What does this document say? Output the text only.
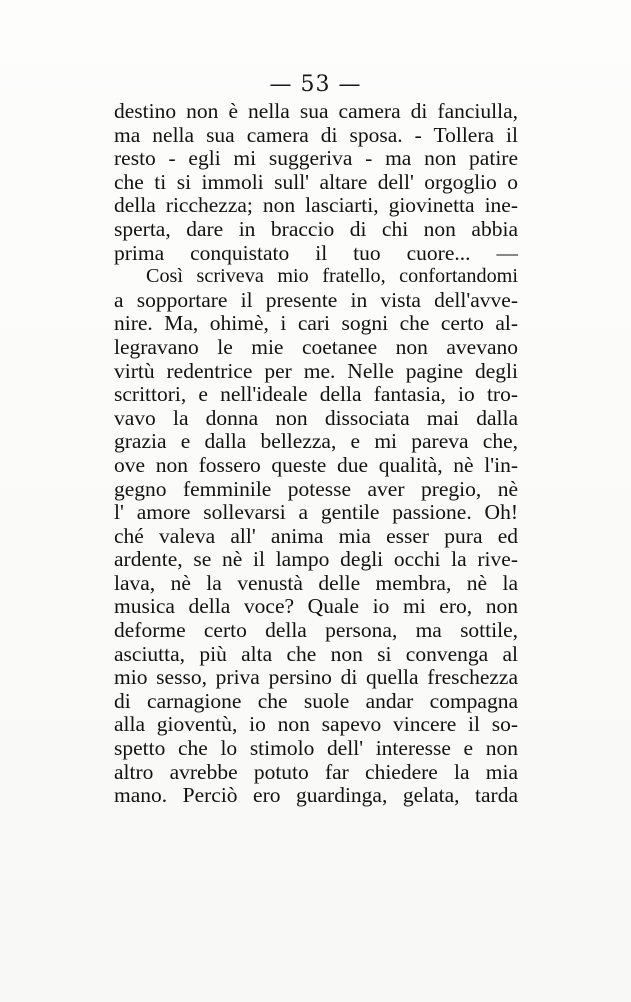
— 53 —
destino non è nella sua camera di fanciulla,
ma nella sua camera di sposa. - Tollera il
resto - egli mi suggeriva - ma non patire
che ti si immoli sull' altare dell' orgoglio o
della ricchezza; non lasciarti, giovinetta ine-
sperta, dare in braccio di chi non abbia
prima conquistato il tuo cuore... —
Così scriveva mio fratello, confortandomi
a sopportare il presente in vista dell'avve-
nire. Ma, ohimè, i cari sogni che certo al-
legravano le mie coetanee non avevano
virtù redentrice per me. Nelle pagine degli
scrittori, e nell'ideale della fantasia, io tro-
vavo la donna non dissociata mai dalla
grazia e dalla bellezza, e mi pareva che,
ove non fossero queste due qualità, nè l'in-
gegno femminile potesse aver pregio, nè
l' amore sollevarsi a gentile passione. Oh!
ché valeva all' anima mia esser pura ed
ardente, se nè il lampo degli occhi la rive-
lava, nè la venustà delle membra, nè la
musica della voce? Quale io mi ero, non
deforme certo della persona, ma sottile,
asciutta, più alta che non si convenga al
mio sesso, priva persino di quella freschezza
di carnagione che suole andar compagna
alla gioventù, io non sapevo vincere il so-
spetto che lo stimolo dell' interesse e non
altro avrebbe potuto far chiedere la mia
mano. Perciò ero guardinga, gelata, tarda
